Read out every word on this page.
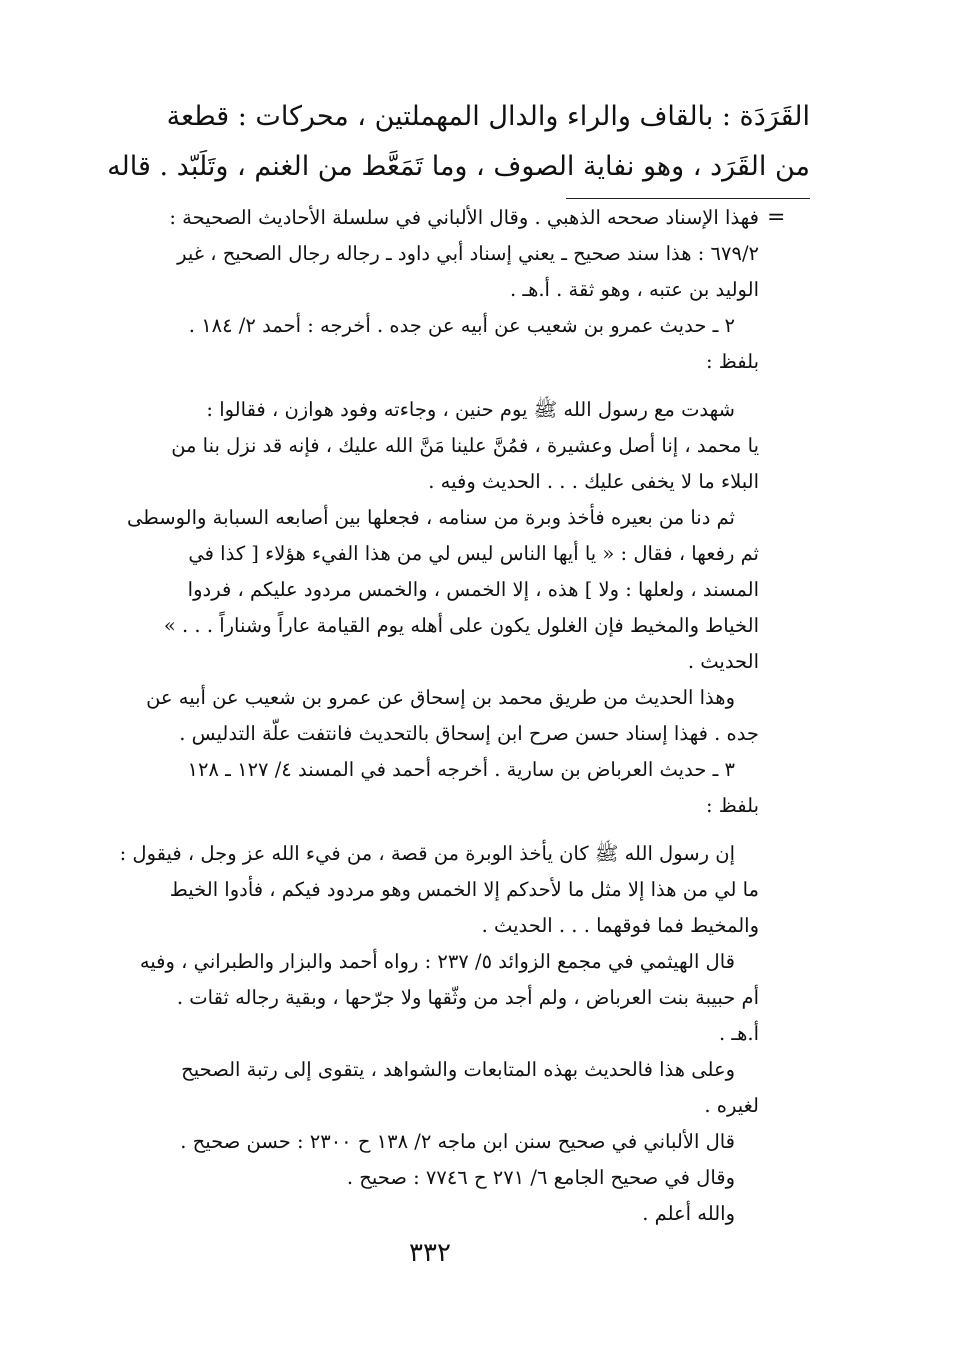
القَرَدَة : بالقاف والراء والدال المهملتين ، محركات : قطعة
من القَرَد ، وهو نفاية الصوف ، وما تَمَعَّط من الغنم ، وتَلَبّد . قاله
=
فهذا الإسناد صححه الذهبي . وقال الألباني في سلسلة الأحاديث الصحيحة :
٦٧٩/٢ : هذا سند صحيح ـ يعني إسناد أبي داود ـ رجاله رجال الصحيح ، غير
الوليد بن عتبه ، وهو ثقة . أ.هـ .
٢ ـ حديث عمرو بن شعيب عن أبيه عن جده . أخرجه : أحمد ٢/ ١٨٤ .
بلفظ :
شهدت مع رسول الله ﷺ يوم حنين ، وجاءته وفود هوازن ، فقالوا :
يا محمد ، إنا أصل وعشيرة ، فمُنَّ علينا مَنَّ الله عليك ، فإنه قد نزل بنا من
البلاء ما لا يخفى عليك . . . الحديث وفيه .
ثم دنا من بعيره فأخذ وبرة من سنامه ، فجعلها بين أصابعه السبابة والوسطى
ثم رفعها ، فقال : « يا أيها الناس ليس لي من هذا الفيء هؤلاء [ كذا في
المسند ، ولعلها : ولا ] هذه ، إلا الخمس ، والخمس مردود عليكم ، فردوا
الخياط والمخيط فإن الغلول يكون على أهله يوم القيامة عاراً وشناراً . . . »
الحديث .
وهذا الحديث من طريق محمد بن إسحاق عن عمرو بن شعيب عن أبيه عن
جده . فهذا إسناد حسن صرح ابن إسحاق بالتحديث فانتفت علّة التدليس .
٣ ـ حديث العرباض بن سارية . أخرجه أحمد في المسند ٤/ ١٢٧ ـ ١٢٨
بلفظ :
إن رسول الله ﷺ كان يأخذ الوبرة من قصة ، من فيء الله عز وجل ، فيقول :
ما لي من هذا إلا مثل ما لأحدكم إلا الخمس وهو مردود فيكم ، فأدوا الخيط
والمخيط فما فوقهما . . . الحديث .
قال الهيثمي في مجمع الزوائد ٥/ ٢٣٧ : رواه أحمد والبزار والطبراني ، وفيه
أم حبيبة بنت العرباض ، ولم أجد من وثّقها ولا جرّحها ، وبقية رجاله ثقات .
أ.هـ .
وعلى هذا فالحديث بهذه المتابعات والشواهد ، يتقوى إلى رتبة الصحيح
لغيره .
قال الألباني في صحيح سنن ابن ماجه ٢/ ١٣٨ ح ٢٣٠٠ : حسن صحيح .
وقال في صحيح الجامع ٦/ ٢٧١ ح ٧٧٤٦ : صحيح .
والله أعلم .
٣٣٢
